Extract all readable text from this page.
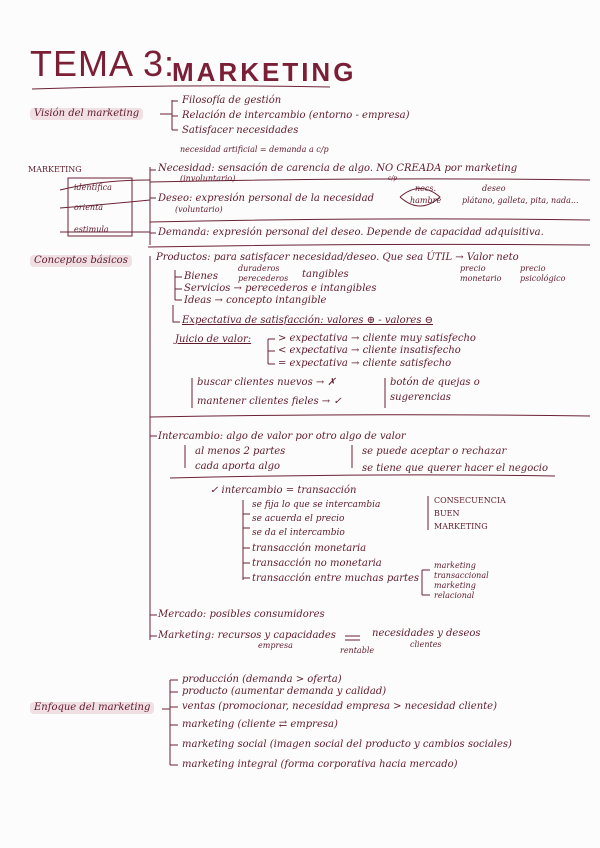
TEMA 3:
MARKETING
Visión del marketing
Filosofía de gestión
Relación de intercambio (entorno - empresa)
Satisfacer necesidades
MARKETING
identifica
orienta
estimula
necesidad artificial = demanda a c/p
Necesidad: sensación de carencia de algo. NO CREADA por marketing
(involuntario)	c/p
Deseo: expresión personal de la necesidad
(voluntario)
necs.
hambre
deseo
plátano, galleta, pita, nada...
Demanda: expresión personal del deseo. Depende de capacidad adquisitiva.
Conceptos básicos	Productos: para satisfacer necesidad/deseo. Que sea ÚTIL → Valor neto
precio
monetario
precio
psicológico
Bienes
duraderos
perecederos tangibles
Servicios → perecederos e intangibles
Ideas → concepto intangible
Expectativa de satisfacción: valores ⊕ - valores ⊖
Juicio de valor:	> expectativa → cliente muy satisfecho
< expectativa → cliente insatisfecho
= expectativa → cliente satisfecho
buscar clientes nuevos → ✗
mantener clientes fieles → ✓
botón de quejas o
sugerencias
Intercambio: algo de valor por otro algo de valor
al menos 2 partes
cada aporta algo
se puede aceptar o rechazar
se tiene que querer hacer el negocio
✓ intercambio = transacción
se fija lo que se intercambia
se acuerda el precio
se da el intercambio
CONSECUENCIA
BUEN
MARKETING
transacción monetaria
transacción no monetaria
transacción entre muchas partes
marketing
transaccional
marketing
relacional
Mercado: posibles consumidores
Marketing: recursos y capacidades
empresa
necesidades y deseos
clientes
rentable
Enfoque del marketing
producción (demanda > oferta)
producto (aumentar demanda y calidad)
ventas (promocionar, necesidad empresa > necesidad cliente)
marketing (cliente ⇄ empresa)
marketing social (imagen social del producto y cambios sociales)
marketing integral (forma corporativa hacia mercado)
